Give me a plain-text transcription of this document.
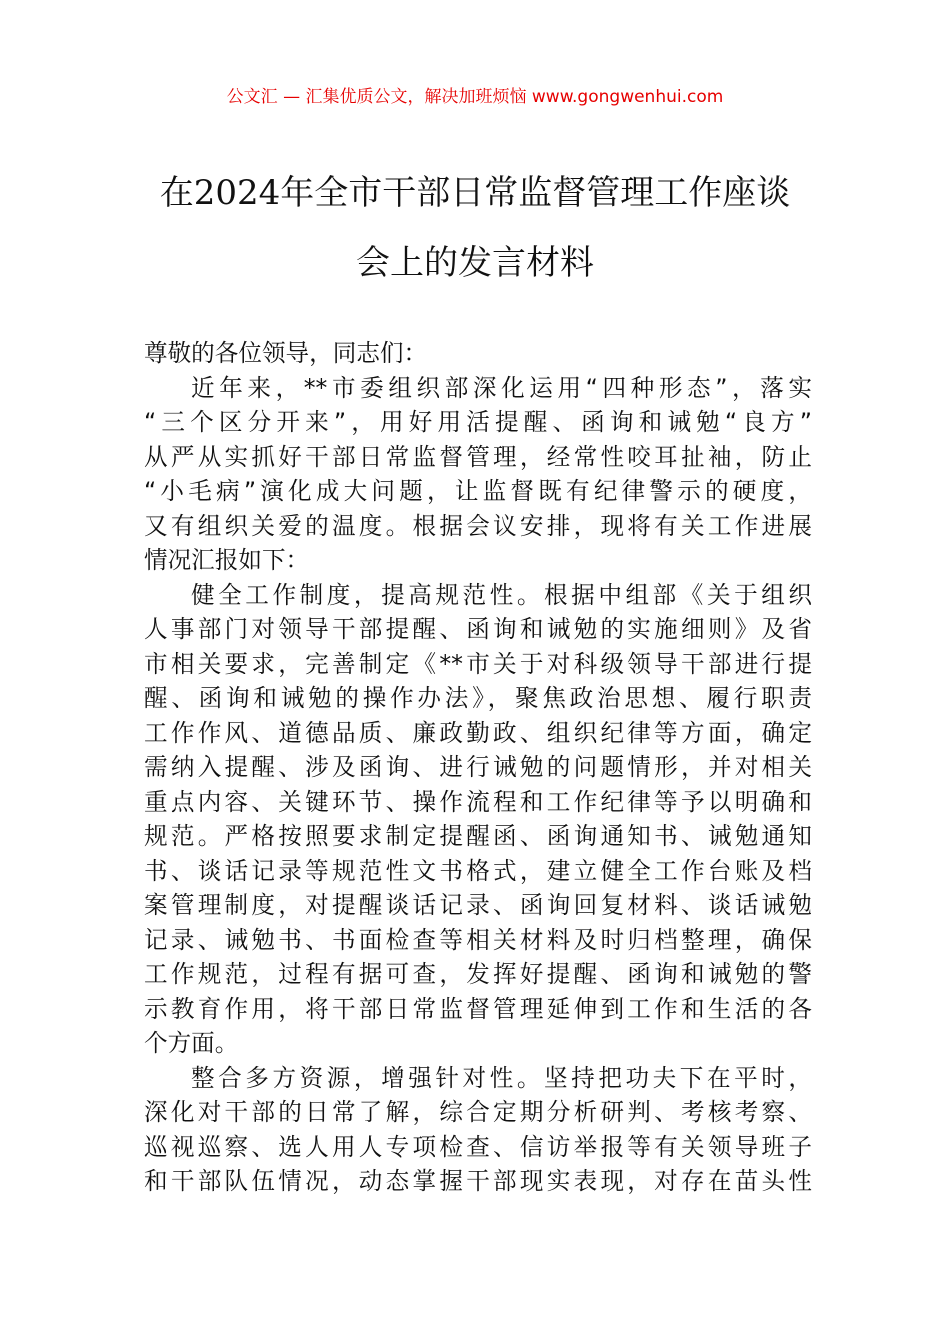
公文汇 — 汇集优质公文，解决加班烦恼 www.gongwenhui.com
在2024年全市干部日常监督管理工作座谈
会上的发言材料

尊敬的各位领导，同志们：

近年来，**市委组织部深化运用“四种形态”，落实
“三个区分开来”，用好用活提醒、函询和诫勉“良方”
从严从实抓好干部日常监督管理，经常性咬耳扯袖，防止
“小毛病”演化成大问题，让监督既有纪律警示的硬度，
又有组织关爱的温度。根据会议安排，现将有关工作进展
情况汇报如下：

健全工作制度，提高规范性。根据中组部《关于组织
人事部门对领导干部提醒、函询和诫勉的实施细则》及省
市相关要求，完善制定《**市关于对科级领导干部进行提
醒、函询和诫勉的操作办法》，聚焦政治思想、履行职责
工作作风、道德品质、廉政勤政、组织纪律等方面，确定
需纳入提醒、涉及函询、进行诫勉的问题情形，并对相关
重点内容、关键环节、操作流程和工作纪律等予以明确和
规范。严格按照要求制定提醒函、函询通知书、诫勉通知
书、谈话记录等规范性文书格式，建立健全工作台账及档
案管理制度，对提醒谈话记录、函询回复材料、谈话诫勉
记录、诫勉书、书面检查等相关材料及时归档整理，确保
工作规范，过程有据可查，发挥好提醒、函询和诫勉的警
示教育作用，将干部日常监督管理延伸到工作和生活的各
个方面。

整合多方资源，增强针对性。坚持把功夫下在平时，
深化对干部的日常了解，综合定期分析研判、考核考察、
巡视巡察、选人用人专项检查、信访举报等有关领导班子
和干部队伍情况，动态掌握干部现实表现，对存在苗头性
